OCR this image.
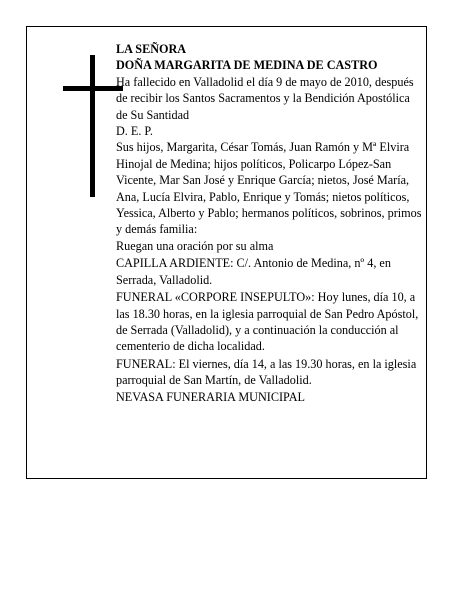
LA SEÑORA

DOÑA MARGARITA DE MEDINA DE CASTRO

Ha fallecido en Valladolid el día 9 de mayo de 2010, después de recibir los Santos Sacramentos y la Bendición Apostólica de Su Santidad

D. E. P.

Sus hijos, Margarita, César Tomás, Juan Ramón y Mª Elvira Hinojal de Medina; hijos políticos, Policarpo López-San Vicente, Mar San José y Enrique García; nietos, José María, Ana, Lucía Elvira, Pablo, Enrique y Tomás; nietos políticos, Yessica, Alberto y Pablo; hermanos políticos, sobrinos, primos y demás familia:

Ruegan una oración por su alma

CAPILLA ARDIENTE: C/. Antonio de Medina, nº 4, en Serrada, Valladolid.

FUNERAL «CORPORE INSEPULTO»: Hoy lunes, día 10, a las 18.30 horas, en la iglesia parroquial de San Pedro Apóstol, de Serrada (Valladolid), y a continuación la conducción al cementerio de dicha localidad.

FUNERAL: El viernes, día 14, a las 19.30 horas, en la iglesia parroquial de San Martín, de Valladolid.

NEVASA FUNERARIA MUNICIPAL
